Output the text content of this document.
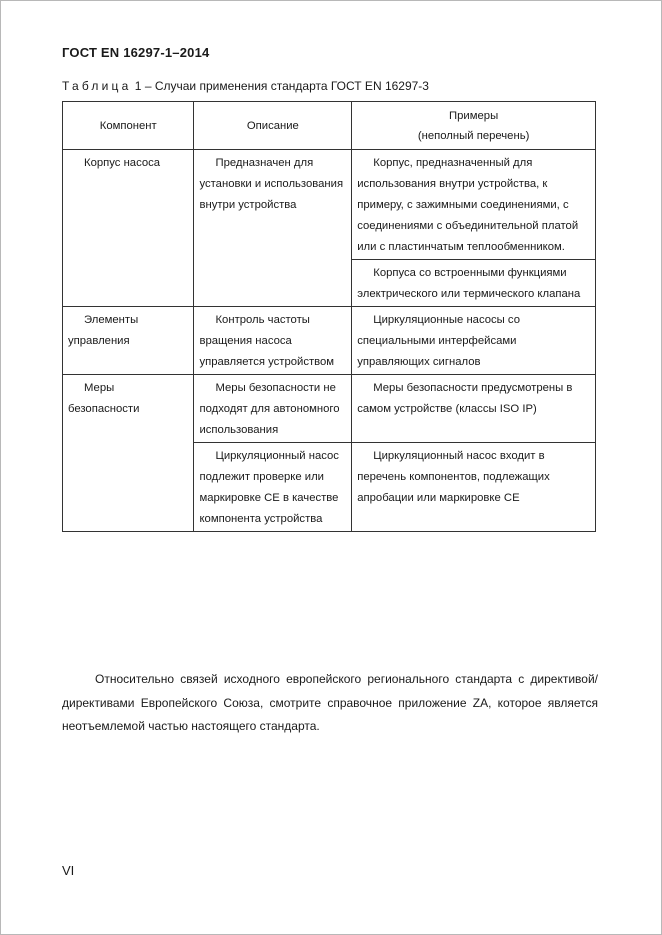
ГОСТ EN 16297-1–2014
Таблица 1 – Случаи применения стандарта ГОСТ EN 16297-3
Компонент	Описание	Примеры
(неполный перечень)

Корпус насоса	Предназначен для установки и использования внутри устройства	Корпус, предназначенный для использования внутри устройства, к примеру, с зажимными соединениями, с соединениями с объединительной платой или с пластинчатым теплообменником.

		Корпуса со встроенными функциями электрического или термического клапана

Элементы управления	Контроль частоты вращения насоса управляется устройством	Циркуляционные насосы со специальными интерфейсами управляющих сигналов

Меры безопасности	Меры безопасности не подходят для автономного использования	Меры безопасности предусмотрены в самом устройстве (классы ISO IP)

	Циркуляционный насос подлежит проверке или маркировке CE в качестве компонента устройства	Циркуляционный насос входит в перечень компонентов, подлежащих апробации или маркировке CE

Относительно связей исходного европейского регионального стандарта с директивой/директивами Европейского Союза, смотрите справочное приложение ZA, которое является неотъемлемой частью настоящего стандарта.

VI
